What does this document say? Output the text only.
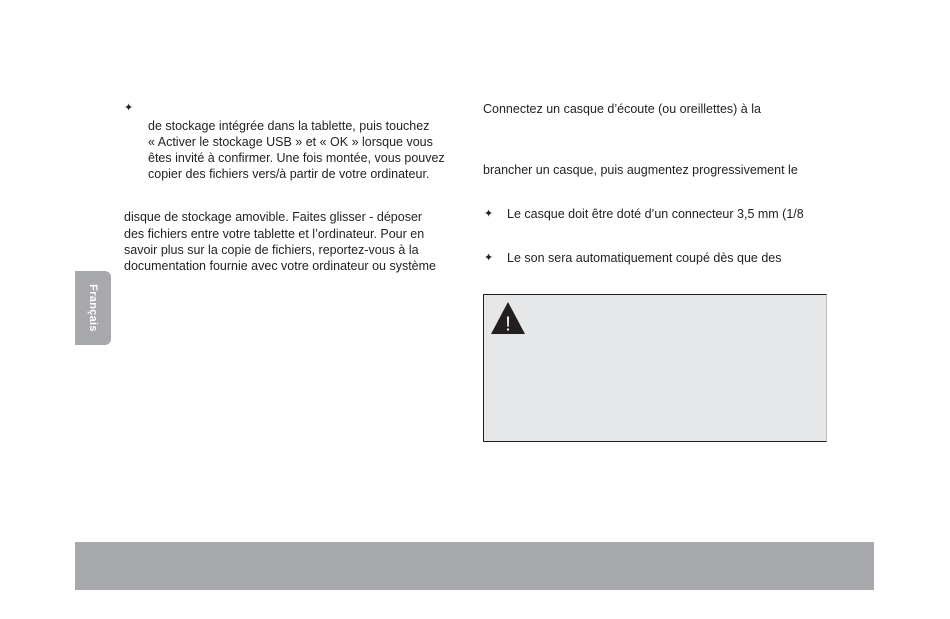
Français
✦
de stockage intégrée dans la tablette, puis touchez
« Activer le stockage USB » et « OK » lorsque vous
êtes invité à confirmer. Une fois montée, vous pouvez
copier des fichiers vers/à partir de votre ordinateur.
disque de stockage amovible. Faites glisser - déposer
des fichiers entre votre tablette et l’ordinateur. Pour en
savoir plus sur la copie de fichiers, reportez-vous à la
documentation fournie avec votre ordinateur ou système
Connectez un casque d’écoute (ou oreillettes) à la
brancher un casque, puis augmentez progressivement le
✦ Le casque doit être doté d’un connecteur 3,5 mm (1/8
✦ Le son sera automatiquement coupé dès que des
!
